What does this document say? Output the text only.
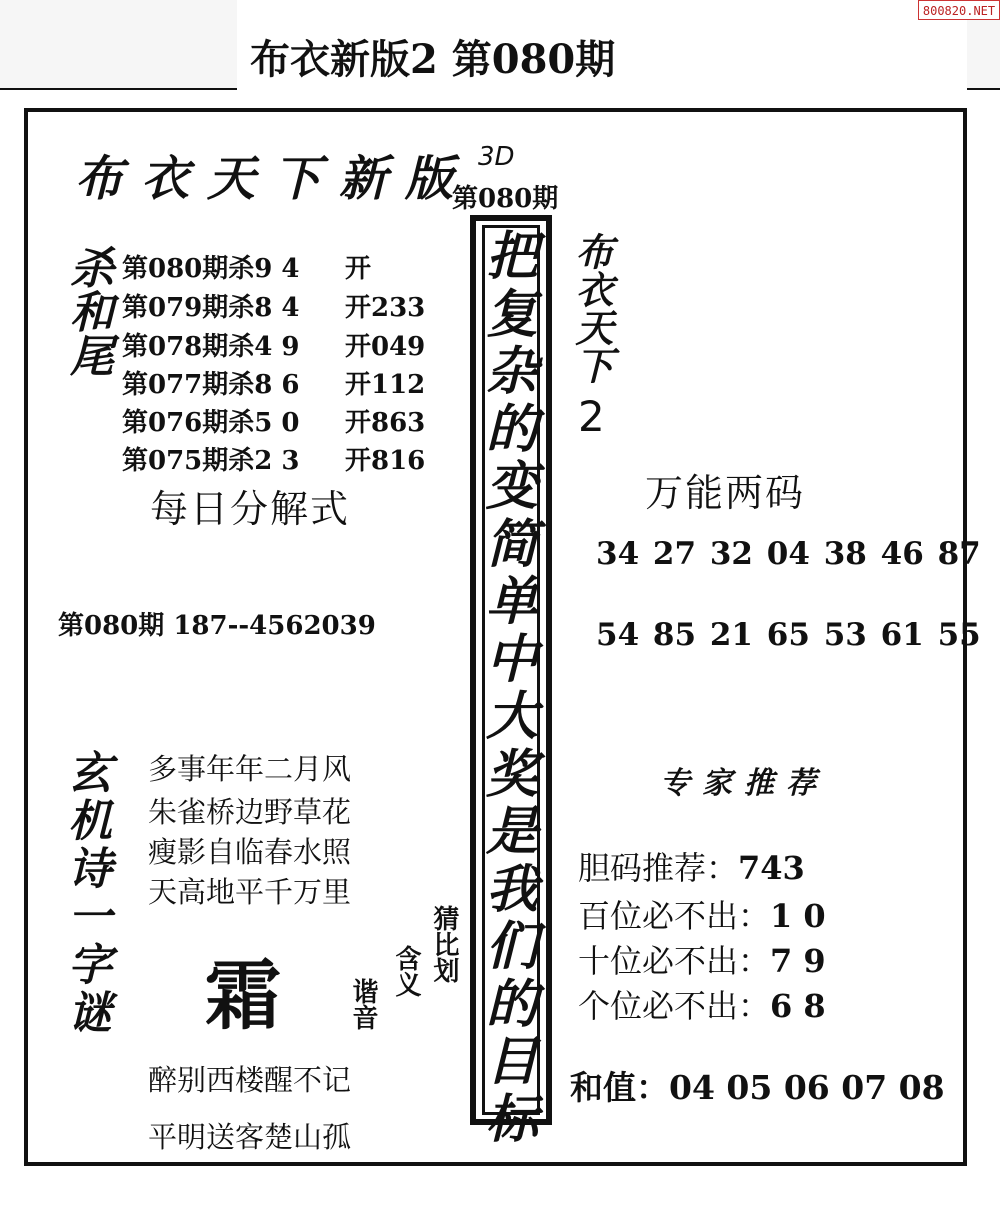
布衣新版2 第080期
800820.NET
布衣天下新版 3D
第080期
杀和尾 第080期杀9 4 开
第079期杀8 4 开233
第078期杀4 9 开049
第077期杀8 6 开112
第076期杀5 0 开863
第075期杀2 3 开816
每日分解式
第080期 187--4562039
玄机诗一字谜
多事年年二月风
朱雀桥边野草花
瘦影自临春水照
天高地平千万里
霜
猜比划
含义
谐音
醉别西楼醒不记
平明送客楚山孤
把复杂的变简单中大奖是我们的目标
布衣天下
2
万能两码
34 27 32 04 38 46 87
54 85 21 65 53 61 55
专家推荐
胆码推荐：743
百位必不出：1 0
十位必不出：7 9
个位必不出：6 8
和值：04 05 06 07 08
